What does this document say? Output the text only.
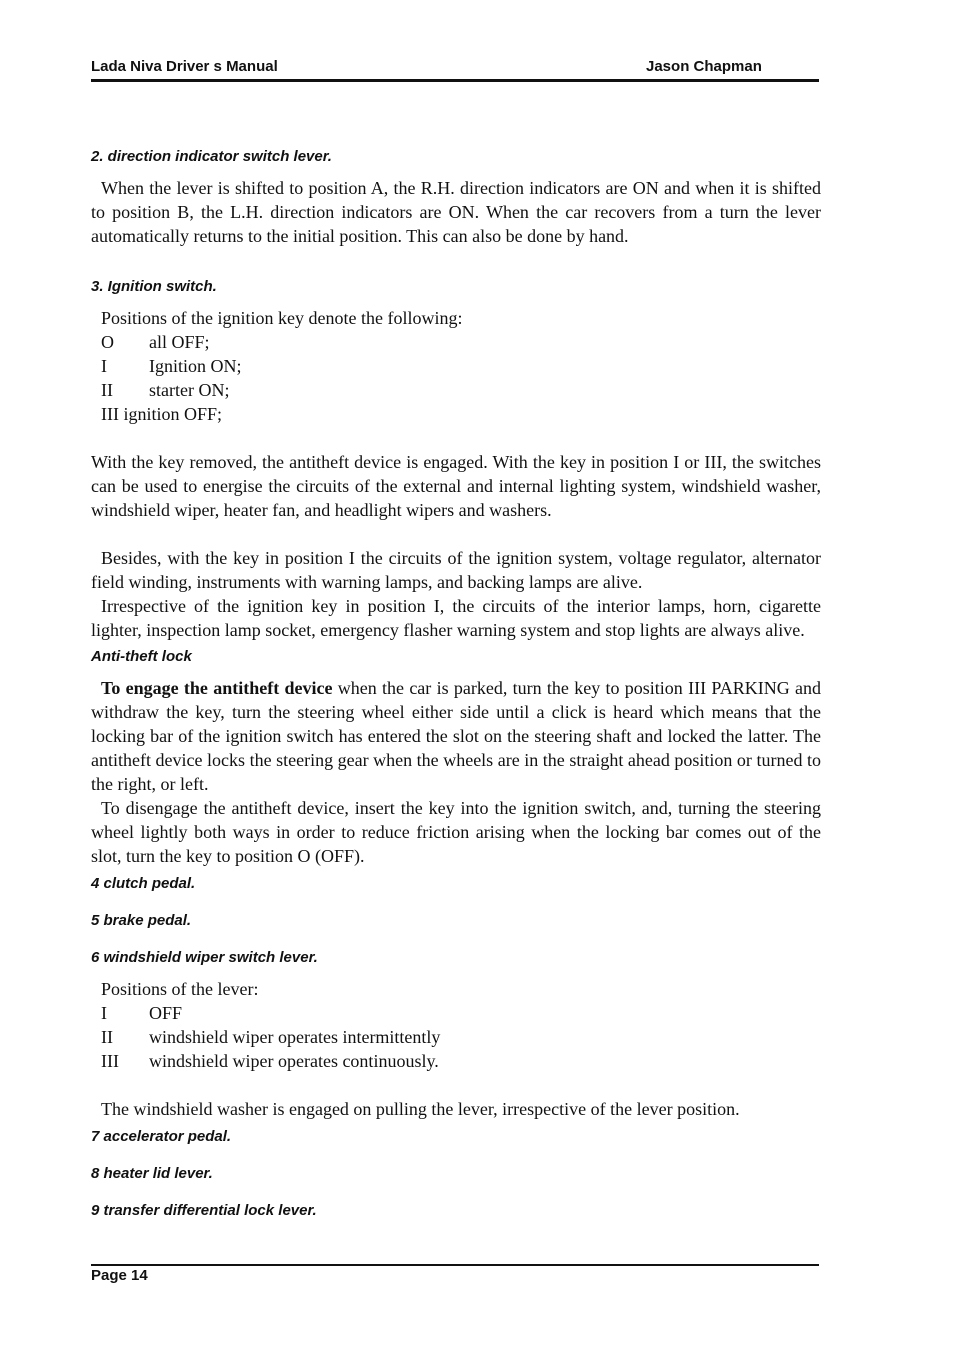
Lada Niva Driver s Manual	Jason Chapman
2. direction indicator switch lever.

When the lever is shifted to position A, the R.H. direction indicators are ON and when it is shifted to position B, the L.H. direction indicators are ON. When the car recovers from a turn the lever automatically returns to the initial position. This can also be done by hand.

3. Ignition switch.

Positions of the ignition key denote the following:

O	all OFF;
I	Ignition ON;
II	starter ON;
III ignition OFF;

With the key removed, the antitheft device is engaged. With the key in position I or III, the switches can be used to energise the circuits of the external and internal lighting system, windshield washer, windshield wiper, heater fan, and headlight wipers and washers.

Besides, with the key in position I the circuits of the ignition system, voltage regulator, alternator field winding, instruments with warning lamps, and backing lamps are alive.

Irrespective of the ignition key in position I, the circuits of the interior lamps, horn, cigarette lighter, inspection lamp socket, emergency flasher warning system and stop lights are always alive.

Anti-theft lock

To engage the antitheft device when the car is parked, turn the key to position III PARKING and withdraw the key, turn the steering wheel either side until a click is heard which means that the locking bar of the ignition switch has entered the slot on the steering shaft and locked the latter. The antitheft device locks the steering gear when the wheels are in the straight ahead position or turned to the right, or left.

To disengage the antitheft device, insert the key into the ignition switch, and, turning the steering wheel lightly both ways in order to reduce friction arising when the locking bar comes out of the slot, turn the key to position O (OFF).

4 clutch pedal.
5 brake pedal.
6 windshield wiper switch lever.

Positions of the lever:

I	OFF
II	windshield wiper operates intermittently
III	windshield wiper operates continuously.

The windshield washer is engaged on pulling the lever, irrespective of the lever position.

7 accelerator pedal.
8 heater lid lever.
9 transfer differential lock lever.
Page 14
